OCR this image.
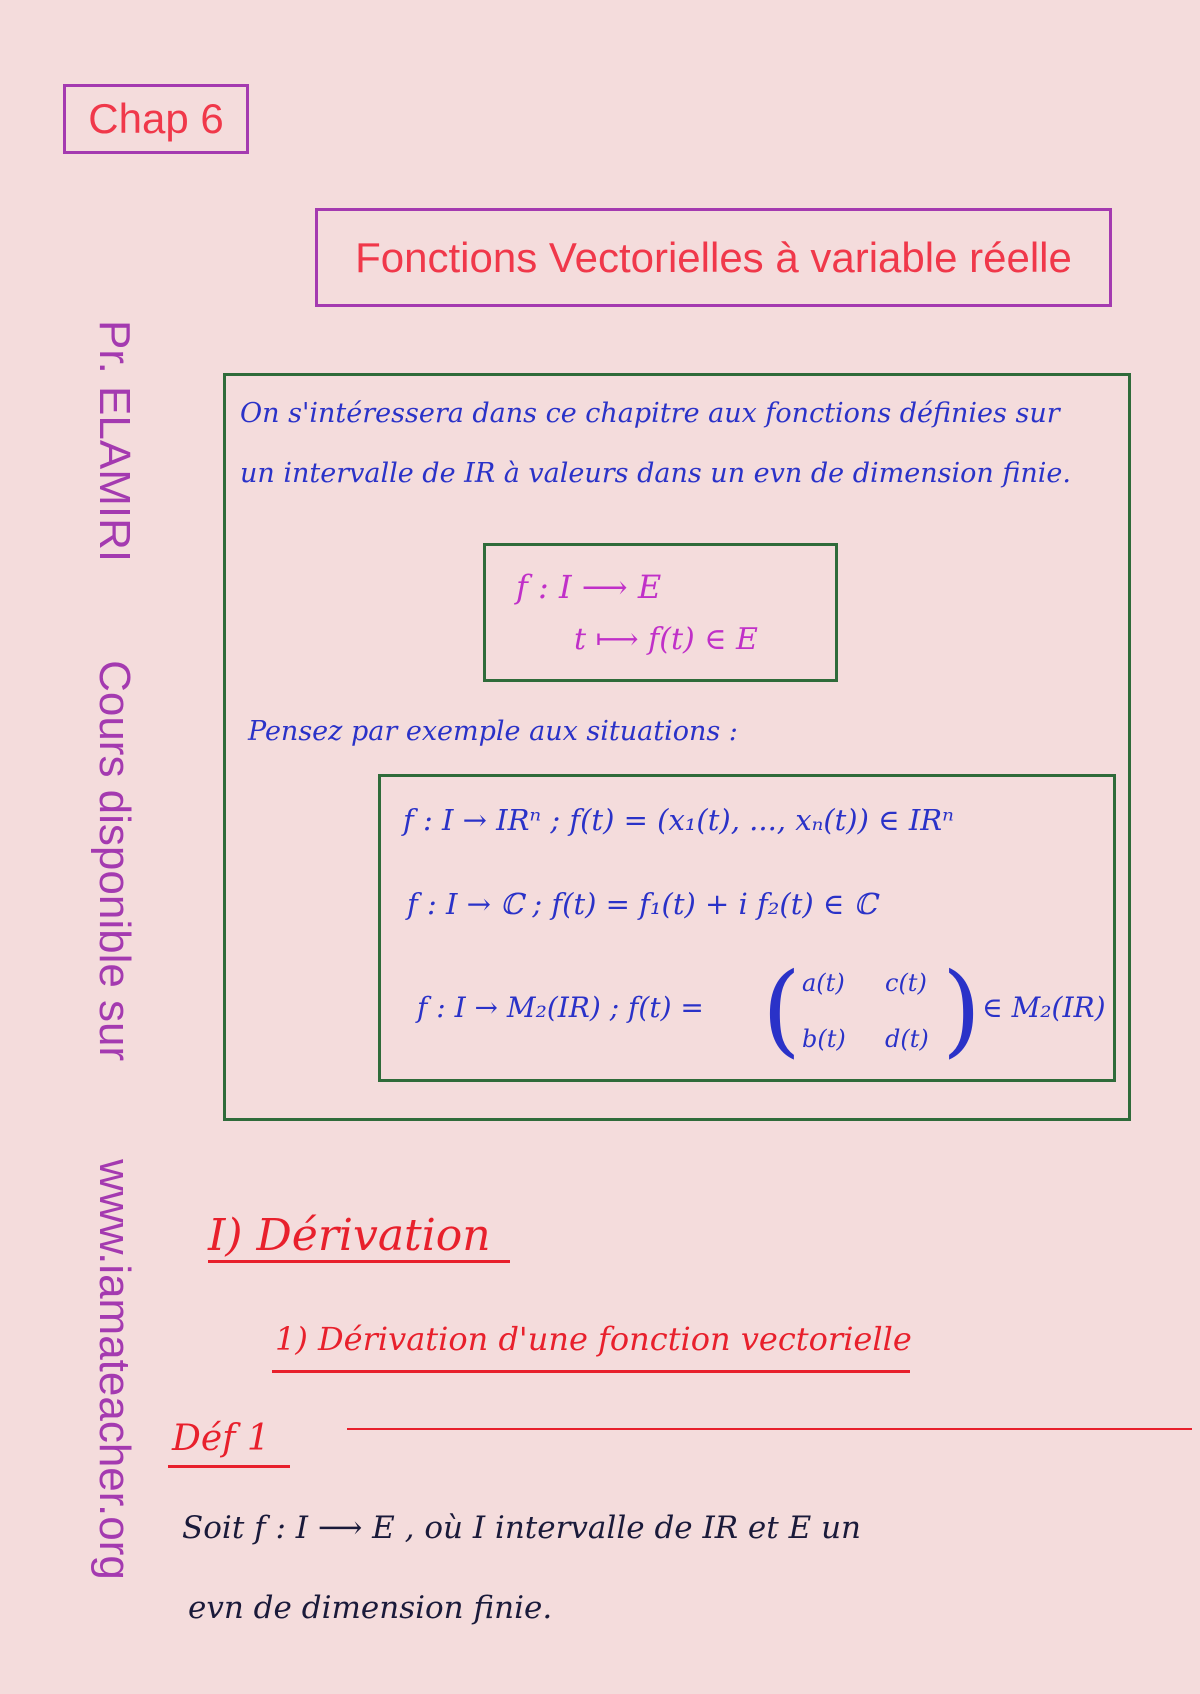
Chap 6
Fonctions Vectorielles à variable réelle
Pr. ELAMIRI
Cours disponible sur
www.iamateacher.org
On s'intéressera dans ce chapitre aux fonctions définies sur
un intervalle de IR à valeurs dans un evn de dimension finie.
f : I ⟶ E
t ⟼ f(t) ∈ E
Pensez par exemple aux situations :
f : I → IRⁿ ; f(t) = (x₁(t), ..., xₙ(t)) ∈ IRⁿ
f : I → ℂ ; f(t) = f₁(t) + i f₂(t) ∈ ℂ
f : I → M₂(IR) ; f(t) = ( a(t) c(t)
b(t) d(t) ) ∈ M₂(IR)
I) Dérivation
1) Dérivation d'une fonction vectorielle
Déf 1
Soit f : I ⟶ E , où I intervalle de IR et E un
evn de dimension finie.
